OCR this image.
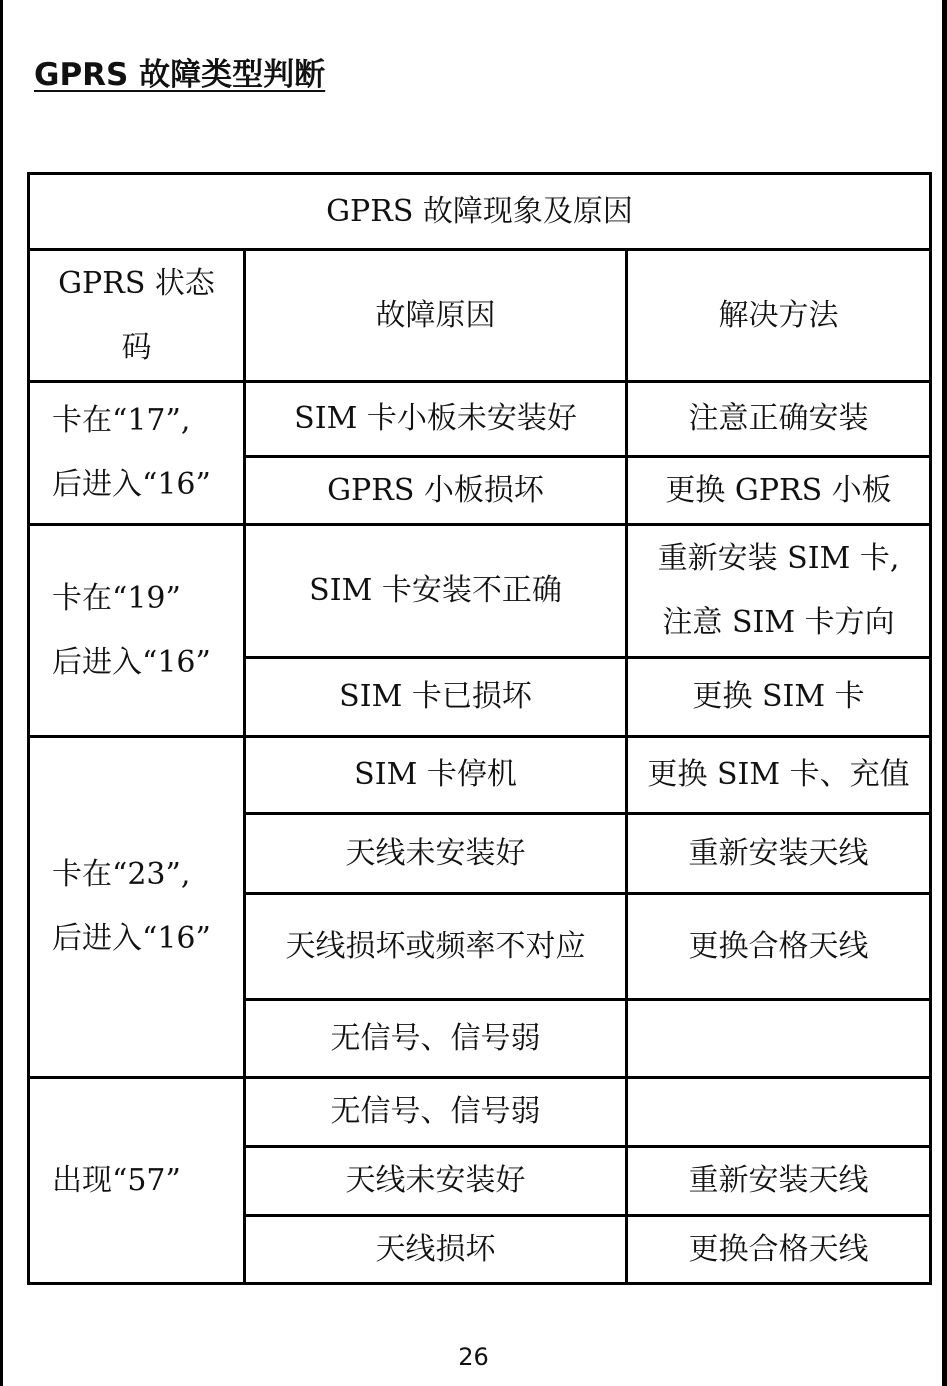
GPRS 故障类型判断
GPRS 故障现象及原因		

GPRS 状态
码	故障原因	解决方法

卡在“17”,
后进入“16”	SIM 卡小板未安装好	注意正确安装
	GPRS 小板损坏	更换 GPRS 小板

卡在“19”
后进入“16”	SIM 卡安装不正确	重新安装 SIM 卡,
注意 SIM 卡方向

	SIM 卡已损坏	更换 SIM 卡

卡在“23”,
后进入“16”	SIM 卡停机	更换 SIM 卡、充值
	天线未安装好	重新安装天线
	天线损坏或频率不对应	更换合格天线
	无信号、信号弱	
出现“57”	无信号、信号弱	
	天线未安装好	重新安装天线
	天线损坏	更换合格天线
26
